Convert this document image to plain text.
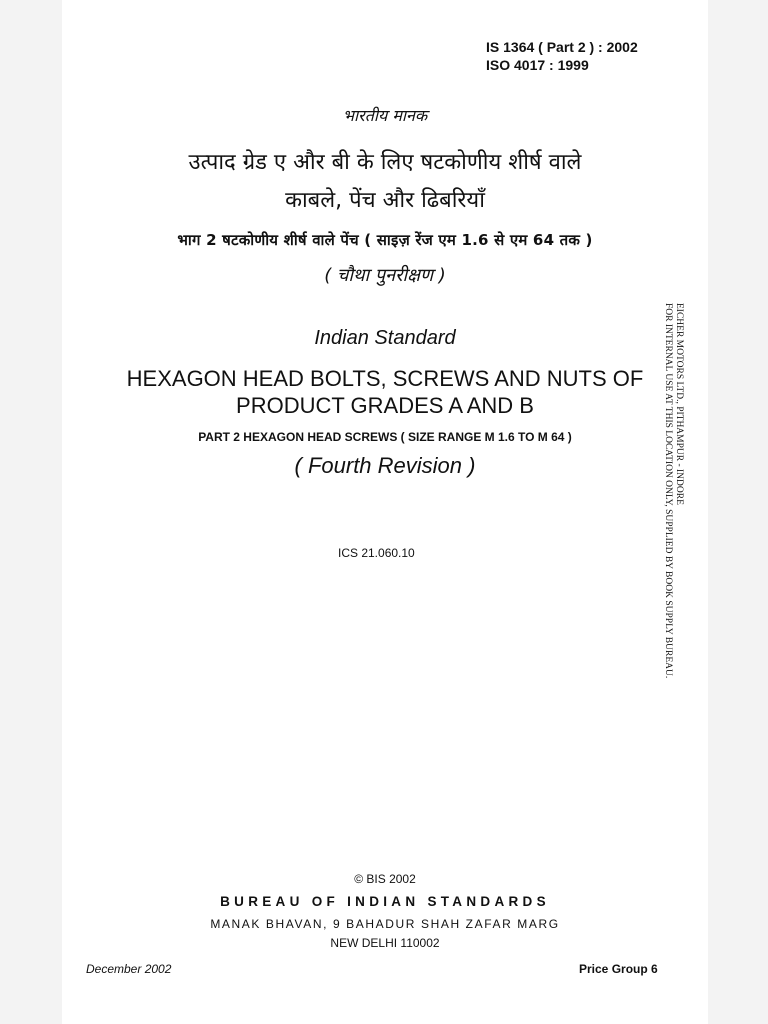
IS 1364 ( Part 2 ) : 2002
ISO 4017 : 1999
भारतीय मानक
उत्पाद ग्रेड ए और बी के लिए षटकोणीय शीर्ष वाले
काबले, पेंच और ढिबरियाँ
भाग 2 षटकोणीय शीर्ष वाले पेंच ( साइज़ रेंज एम 1.6 से एम 64 तक )
( चौथा पुनरीक्षण )
Indian Standard
HEXAGON HEAD BOLTS, SCREWS AND NUTS OF
PRODUCT GRADES A AND B
PART 2 HEXAGON HEAD SCREWS ( SIZE RANGE M 1.6 TO M 64 )
( Fourth Revision )
ICS 21.060.10
EICHER MOTORS LTD., PITHAMPUR - INDORE
FOR INTERNAL USE AT THIS LOCATION ONLY, SUPPLIED BY BOOK SUPPLY BUREAU.
© BIS 2002
BUREAU OF INDIAN STANDARDS
MANAK BHAVAN, 9 BAHADUR SHAH ZAFAR MARG
NEW DELHI 110002
December 2002	Price Group 6
